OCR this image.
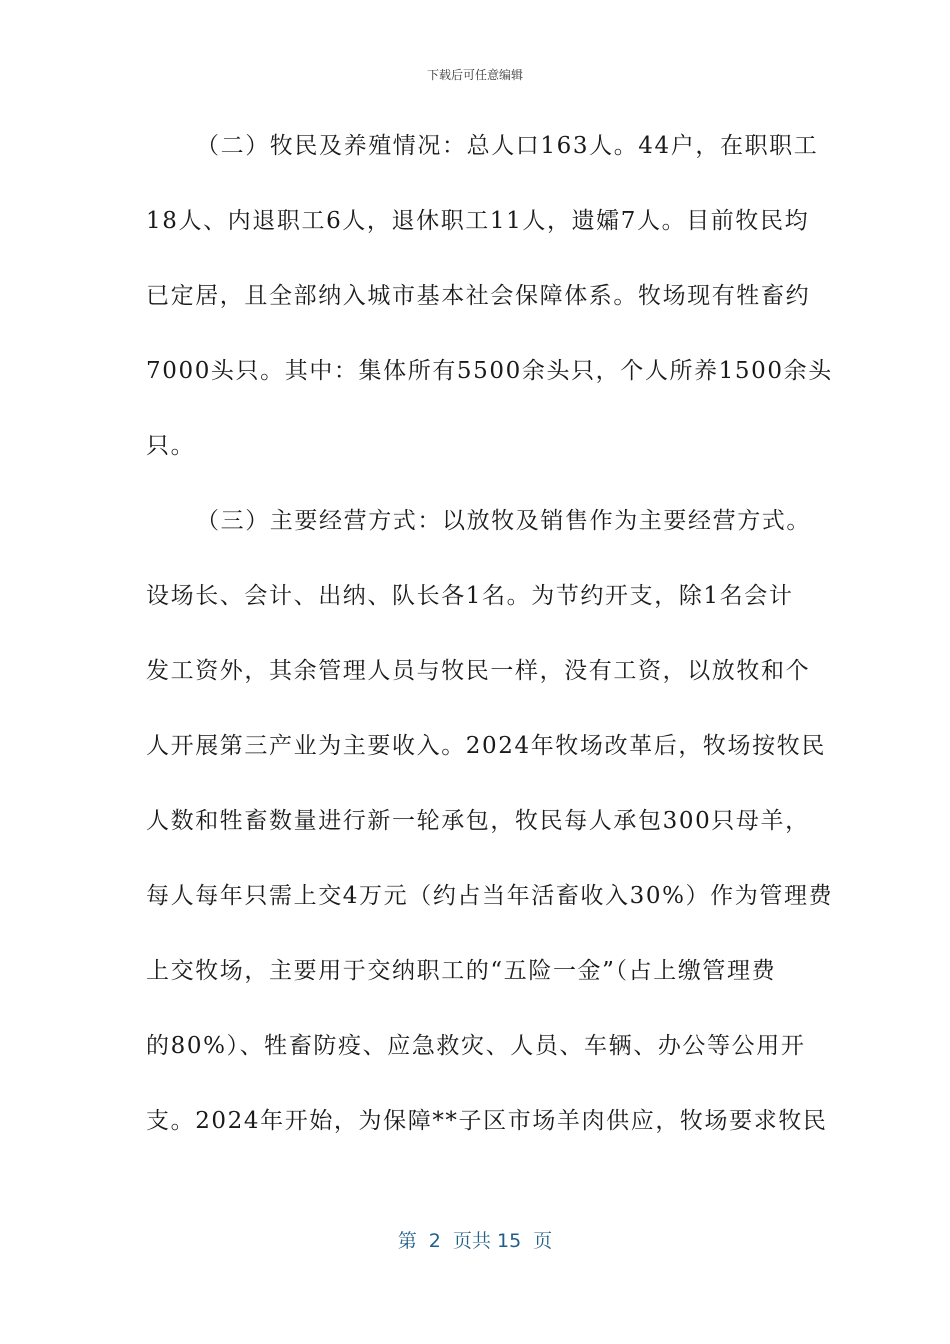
下载后可任意编辑
（二）牧民及养殖情况：总人口163人。44户，在职职工
18人、内退职工6人，退休职工11人，遗孀7人。目前牧民均
已定居，且全部纳入城市基本社会保障体系。牧场现有牲畜约
7000头只。其中：集体所有5500余头只，个人所养1500余头
只。
（三）主要经营方式：以放牧及销售作为主要经营方式。
设场长、会计、出纳、队长各1名。为节约开支，除1名会计
发工资外，其余管理人员与牧民一样，没有工资，以放牧和个
人开展第三产业为主要收入。2024年牧场改革后，牧场按牧民
人数和牲畜数量进行新一轮承包，牧民每人承包300只母羊，
每人每年只需上交4万元（约占当年活畜收入30%）作为管理费
上交牧场，主要用于交纳职工的“五险一金”（占上缴管理费
的80%）、牲畜防疫、应急救灾、人员、车辆、办公等公用开
支。2024年开始，为保障**子区市场羊肉供应，牧场要求牧民
第  2  页共 15  页
